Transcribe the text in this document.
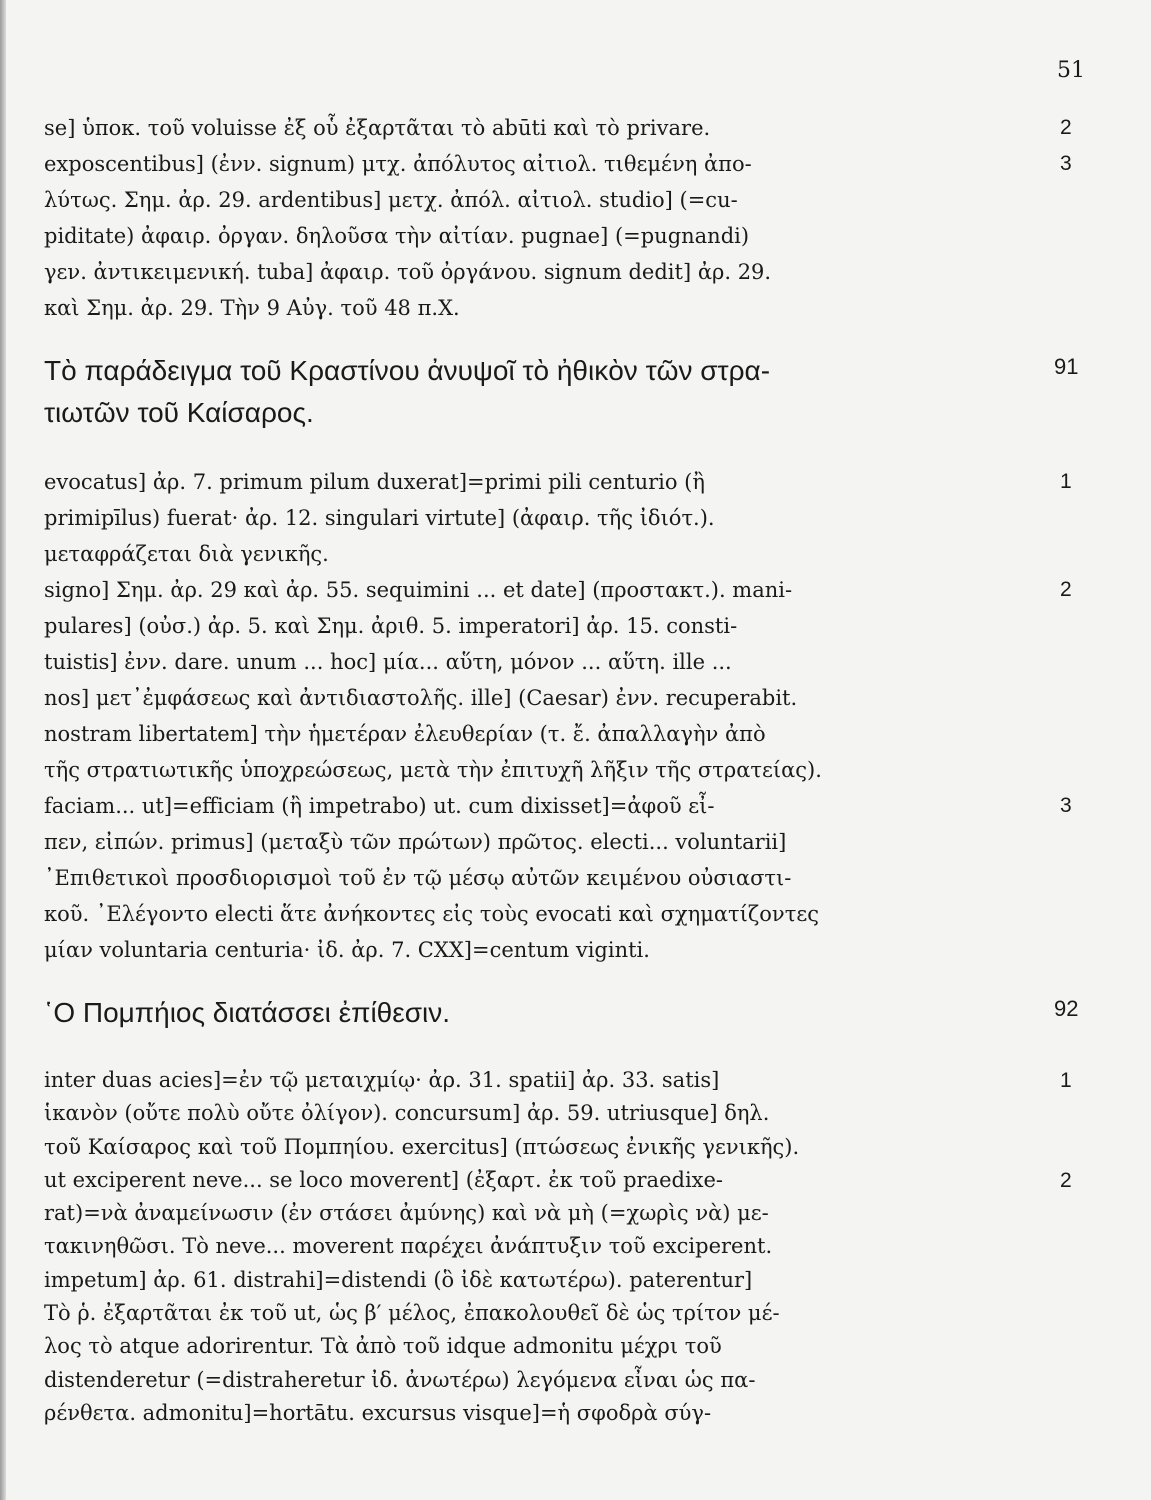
51
se] ὑποκ. τοῦ voluisse ἐξ οὗ ἐξαρτᾶται τὸ abūti καὶ τὸ privare.	2
exposcentibus] (ἐνν. signum) μτχ. ἀπόλυτος αἰτιολ. τιθεμένη ἀπο-	3
λύτως. Σημ. ἀρ. 29. ardentibus] μετχ. ἀπόλ. αἰτιολ. studio] (=cu-
piditate) ἀφαιρ. ὀργαν. δηλοῦσα τὴν αἰτίαν. pugnae] (=pugnandi)
γεν. ἀντικειμενική. tuba] ἀφαιρ. τοῦ ὀργάνου. signum dedit] ἀρ. 29.
καὶ Σημ. ἀρ. 29. Τὴν 9 Αὐγ. τοῦ 48 π.Χ.
Τὸ παράδειγμα τοῦ Κραστίνου ἀνυψοῖ τὸ ἠθικὸν τῶν στρα-	91
τιωτῶν τοῦ Καίσαρος.
evocatus] ἀρ. 7. primum pilum duxerat]=primi pili centurio (ἢ	1
primipīlus) fuerat· ἀρ. 12. singulari virtute] (ἀφαιρ. τῆς ἰδιότ.).
μεταφράζεται διὰ γενικῆς.
signo] Σημ. ἀρ. 29 καὶ ἀρ. 55. sequimini ... et date] (προστακτ.). mani-	2
pulares] (οὐσ.) ἀρ. 5. καὶ Σημ. ἀριθ. 5. imperatori] ἀρ. 15. consti-
tuistis] ἐνν. dare. unum ... hoc] μία... αὕτη, μόνον ... αὕτη. ille ...
nos] μετ᾿ἐμφάσεως καὶ ἀντιδιαστολῆς. ille] (Caesar) ἐνν. recuperabit.
nostram libertatem] τὴν ἡμετέραν ἐλευθερίαν (τ. ἔ. ἀπαλλαγὴν ἀπὸ
τῆς στρατιωτικῆς ὑποχρεώσεως, μετὰ τὴν ἐπιτυχῆ λῆξιν τῆς στρατείας).
faciam... ut]=efficiam (ἢ impetrabo) ut. cum dixisset]=ἀφοῦ εἶ-	3
πεν, εἰπών. primus] (μεταξὺ τῶν πρώτων) πρῶτος. electi... voluntarii]
᾿Επιθετικοὶ προσδιορισμοὶ τοῦ ἐν τῷ μέσῳ αὐτῶν κειμένου οὐσιαστι-
κοῦ. ᾿Ελέγοντο electi ἅτε ἀνήκοντες εἰς τοὺς evocati καὶ σχηματίζοντες
μίαν voluntaria centuria· ἰδ. ἀρ. 7. CXX]=centum viginti.
῾Ο Πομπήιος διατάσσει ἐπίθεσιν.	92
inter duas acies]=ἐν τῷ μεταιχμίῳ· ἀρ. 31. spatii] ἀρ. 33. satis]	1
ἱκανὸν (οὔτε πολὺ οὔτε ὀλίγον). concursum] ἀρ. 59. utriusque] δηλ.
τοῦ Καίσαρος καὶ τοῦ Πομπηίου. exercitus] (πτώσεως ἐνικῆς γενικῆς).
ut exciperent neve... se loco moverent] (ἐξαρτ. ἐκ τοῦ praedixe-	2
rat)=νὰ ἀναμείνωσιν (ἐν στάσει ἀμύνης) καὶ νὰ μὴ (=χωρὶς νὰ) με-
τακινηθῶσι. Τὸ neve... moverent παρέχει ἀνάπτυξιν τοῦ exciperent.
impetum] ἀρ. 61. distrahi]=distendi (ὃ ἰδὲ κατωτέρω). paterentur]
Τὸ ῥ. ἐξαρτᾶται ἐκ τοῦ ut, ὡς β′ μέλος, ἐπακολουθεῖ δὲ ὡς τρίτον μέ-
λος τὸ atque adorirentur. Τὰ ἀπὸ τοῦ idque admonitu μέχρι τοῦ
distenderetur (=distraheretur ἰδ. ἀνωτέρω) λεγόμενα εἶναι ὡς πα-
ρένθετα. admonitu]=hortātu. excursus visque]=ἡ σφοδρὰ σύγ-
